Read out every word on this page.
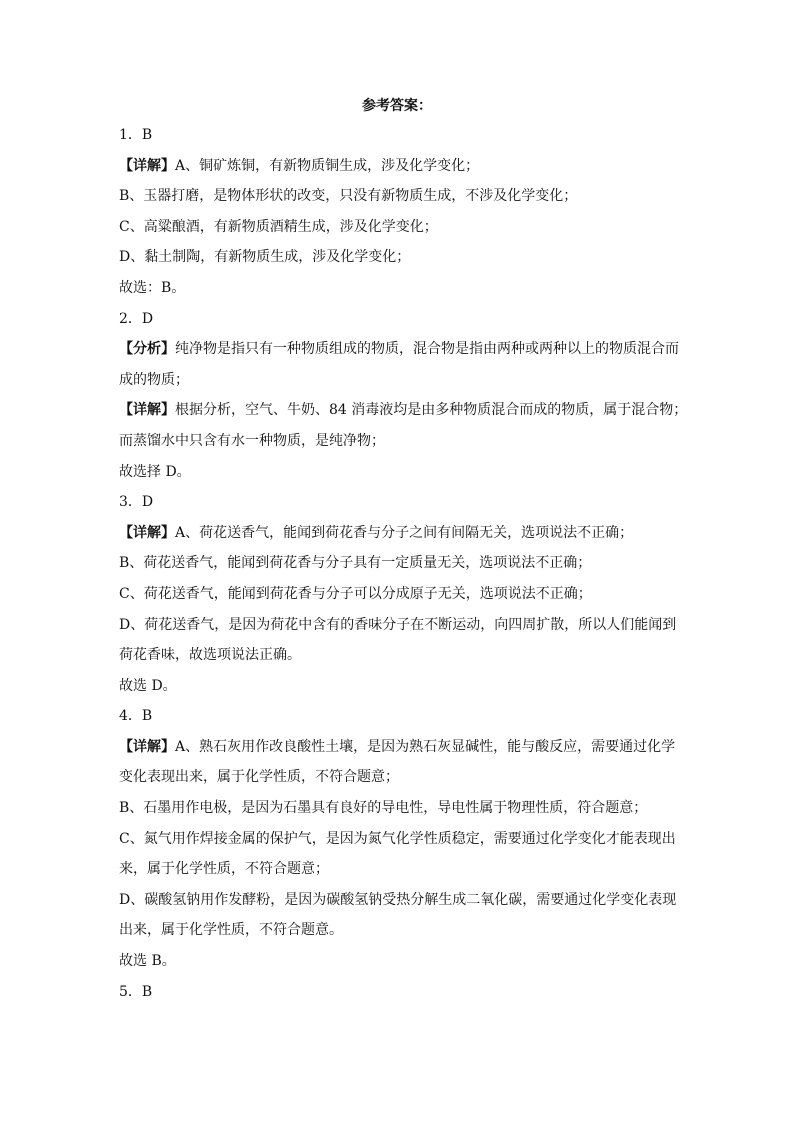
参考答案：
1．B
【详解】A、铜矿炼铜，有新物质铜生成，涉及化学变化；
B、玉器打磨，是物体形状的改变，只没有新物质生成，不涉及化学变化；
C、高粱酿酒，有新物质酒精生成，涉及化学变化；
D、黏土制陶，有新物质生成，涉及化学变化；
故选：B。
2．D
【分析】纯净物是指只有一种物质组成的物质，混合物是指由两种或两种以上的物质混合而
成的物质；
【详解】根据分析，空气、牛奶、84 消毒液均是由多种物质混合而成的物质，属于混合物；
而蒸馏水中只含有水一种物质，是纯净物；
故选择 D。
3．D
【详解】A、荷花送香气，能闻到荷花香与分子之间有间隔无关，选项说法不正确；
B、荷花送香气，能闻到荷花香与分子具有一定质量无关，选项说法不正确；
C、荷花送香气，能闻到荷花香与分子可以分成原子无关，选项说法不正确；
D、荷花送香气，是因为荷花中含有的香味分子在不断运动，向四周扩散，所以人们能闻到
荷花香味，故选项说法正确。
故选 D。
4．B
【详解】A、熟石灰用作改良酸性土壤，是因为熟石灰显碱性，能与酸反应，需要通过化学
变化表现出来，属于化学性质，不符合题意；
B、石墨用作电极，是因为石墨具有良好的导电性，导电性属于物理性质，符合题意；
C、氮气用作焊接金属的保护气，是因为氮气化学性质稳定，需要通过化学变化才能表现出
来，属于化学性质，不符合题意；
D、碳酸氢钠用作发酵粉，是因为碳酸氢钠受热分解生成二氧化碳，需要通过化学变化表现
出来，属于化学性质，不符合题意。
故选 B。
5．B
